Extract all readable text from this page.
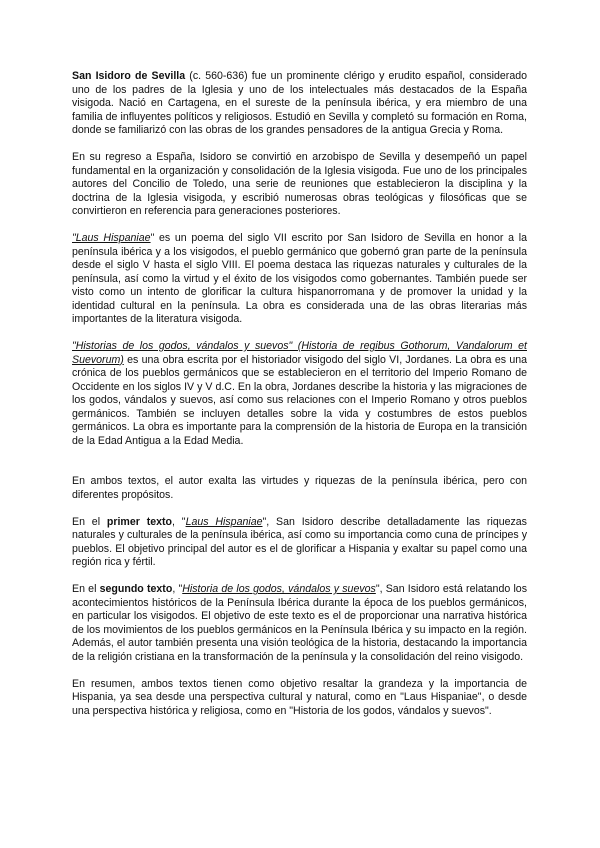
San Isidoro de Sevilla (c. 560-636) fue un prominente clérigo y erudito español, considerado uno de los padres de la Iglesia y uno de los intelectuales más destacados de la España visigoda. Nació en Cartagena, en el sureste de la península ibérica, y era miembro de una familia de influyentes políticos y religiosos. Estudió en Sevilla y completó su formación en Roma, donde se familiarizó con las obras de los grandes pensadores de la antigua Grecia y Roma.

En su regreso a España, Isidoro se convirtió en arzobispo de Sevilla y desempeñó un papel fundamental en la organización y consolidación de la Iglesia visigoda. Fue uno de los principales autores del Concilio de Toledo, una serie de reuniones que establecieron la disciplina y la doctrina de la Iglesia visigoda, y escribió numerosas obras teológicas y filosóficas que se convirtieron en referencia para generaciones posteriores.

"Laus Hispaniae" es un poema del siglo VII escrito por San Isidoro de Sevilla en honor a la península ibérica y a los visigodos, el pueblo germánico que gobernó gran parte de la península desde el siglo V hasta el siglo VIII. El poema destaca las riquezas naturales y culturales de la península, así como la virtud y el éxito de los visigodos como gobernantes. También puede ser visto como un intento de glorificar la cultura hispanorromana y de promover la unidad y la identidad cultural en la península. La obra es considerada una de las obras literarias más importantes de la literatura visigoda.

"Historias de los godos, vándalos y suevos" (Historia de regibus Gothorum, Vandalorum et Suevorum) es una obra escrita por el historiador visigodo del siglo VI, Jordanes. La obra es una crónica de los pueblos germánicos que se establecieron en el territorio del Imperio Romano de Occidente en los siglos IV y V d.C. En la obra, Jordanes describe la historia y las migraciones de los godos, vándalos y suevos, así como sus relaciones con el Imperio Romano y otros pueblos germánicos. También se incluyen detalles sobre la vida y costumbres de estos pueblos germánicos. La obra es importante para la comprensión de la historia de Europa en la transición de la Edad Antigua a la Edad Media.

En ambos textos, el autor exalta las virtudes y riquezas de la península ibérica, pero con diferentes propósitos.

En el primer texto, "Laus Hispaniae", San Isidoro describe detalladamente las riquezas naturales y culturales de la península ibérica, así como su importancia como cuna de príncipes y pueblos. El objetivo principal del autor es el de glorificar a Hispania y exaltar su papel como una región rica y fértil.

En el segundo texto, "Historia de los godos, vándalos y suevos", San Isidoro está relatando los acontecimientos históricos de la Península Ibérica durante la época de los pueblos germánicos, en particular los visigodos. El objetivo de este texto es el de proporcionar una narrativa histórica de los movimientos de los pueblos germánicos en la Península Ibérica y su impacto en la región. Además, el autor también presenta una visión teológica de la historia, destacando la importancia de la religión cristiana en la transformación de la península y la consolidación del reino visigodo.

En resumen, ambos textos tienen como objetivo resaltar la grandeza y la importancia de Hispania, ya sea desde una perspectiva cultural y natural, como en "Laus Hispaniae", o desde una perspectiva histórica y religiosa, como en "Historia de los godos, vándalos y suevos".
